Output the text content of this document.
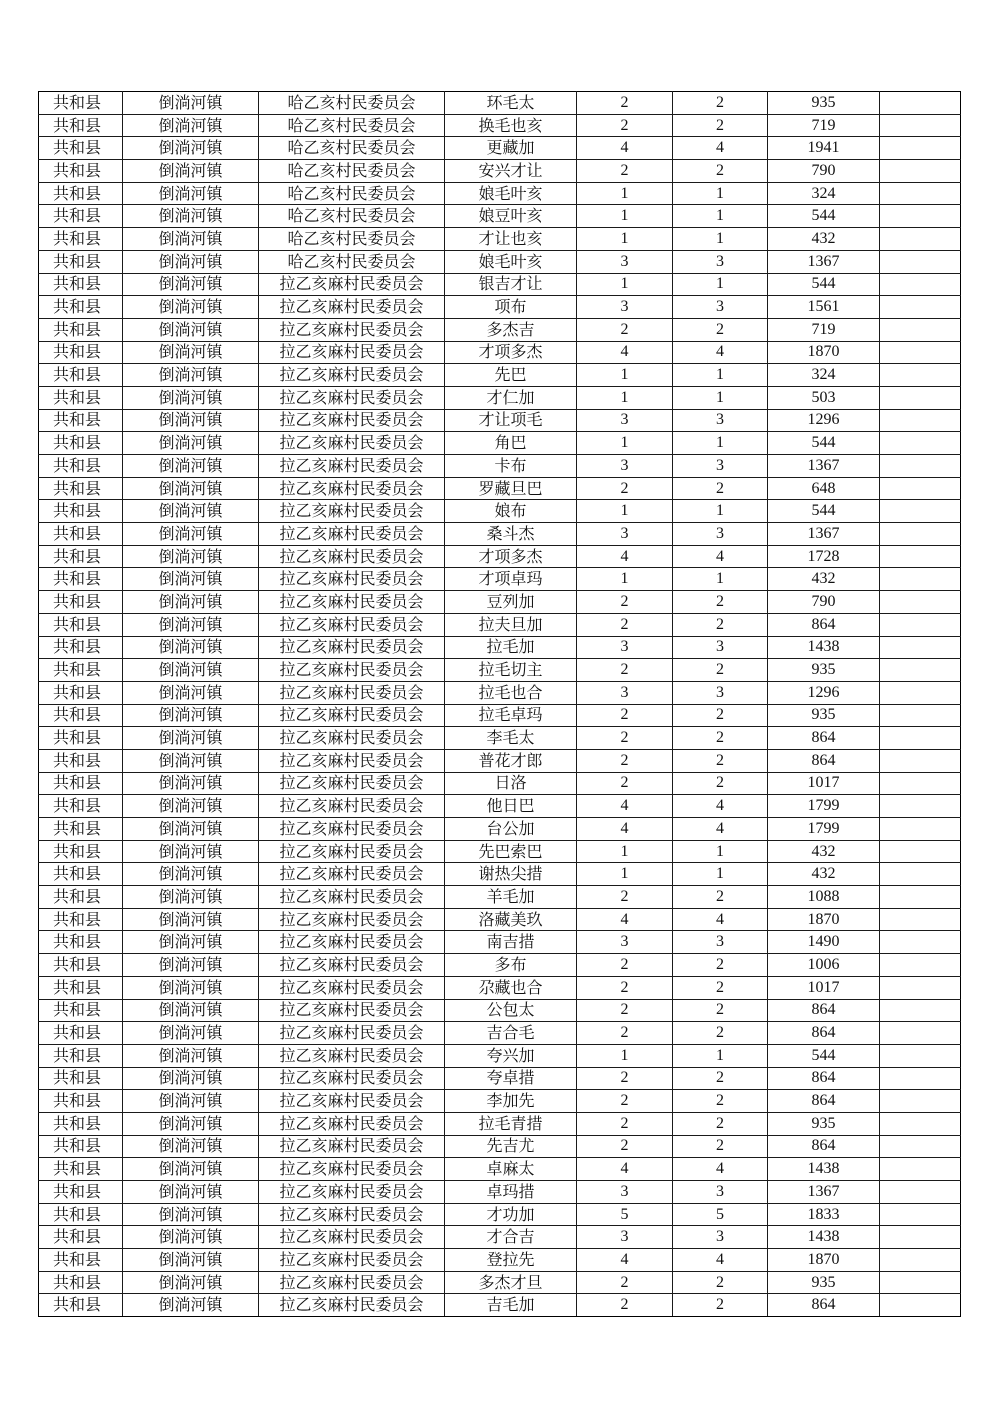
共和县	倒淌河镇	哈乙亥村民委员会	环毛太	2	2	935	
共和县	倒淌河镇	哈乙亥村民委员会	换毛也亥	2	2	719	
共和县	倒淌河镇	哈乙亥村民委员会	更藏加	4	4	1941	
共和县	倒淌河镇	哈乙亥村民委员会	安兴才让	2	2	790	
共和县	倒淌河镇	哈乙亥村民委员会	娘毛叶亥	1	1	324	
共和县	倒淌河镇	哈乙亥村民委员会	娘豆叶亥	1	1	544	
共和县	倒淌河镇	哈乙亥村民委员会	才让也亥	1	1	432	
共和县	倒淌河镇	哈乙亥村民委员会	娘毛叶亥	3	3	1367	
共和县	倒淌河镇	拉乙亥麻村民委员会	银吉才让	1	1	544	
共和县	倒淌河镇	拉乙亥麻村民委员会	项布	3	3	1561	
共和县	倒淌河镇	拉乙亥麻村民委员会	多杰吉	2	2	719	
共和县	倒淌河镇	拉乙亥麻村民委员会	才项多杰	4	4	1870	
共和县	倒淌河镇	拉乙亥麻村民委员会	先巴	1	1	324	
共和县	倒淌河镇	拉乙亥麻村民委员会	才仁加	1	1	503	
共和县	倒淌河镇	拉乙亥麻村民委员会	才让项毛	3	3	1296	
共和县	倒淌河镇	拉乙亥麻村民委员会	角巴	1	1	544	
共和县	倒淌河镇	拉乙亥麻村民委员会	卡布	3	3	1367	
共和县	倒淌河镇	拉乙亥麻村民委员会	罗藏旦巴	2	2	648	
共和县	倒淌河镇	拉乙亥麻村民委员会	娘布	1	1	544	
共和县	倒淌河镇	拉乙亥麻村民委员会	桑斗杰	3	3	1367	
共和县	倒淌河镇	拉乙亥麻村民委员会	才项多杰	4	4	1728	
共和县	倒淌河镇	拉乙亥麻村民委员会	才项卓玛	1	1	432	
共和县	倒淌河镇	拉乙亥麻村民委员会	豆列加	2	2	790	
共和县	倒淌河镇	拉乙亥麻村民委员会	拉夫旦加	2	2	864	
共和县	倒淌河镇	拉乙亥麻村民委员会	拉毛加	3	3	1438	
共和县	倒淌河镇	拉乙亥麻村民委员会	拉毛切主	2	2	935	
共和县	倒淌河镇	拉乙亥麻村民委员会	拉毛也合	3	3	1296	
共和县	倒淌河镇	拉乙亥麻村民委员会	拉毛卓玛	2	2	935	
共和县	倒淌河镇	拉乙亥麻村民委员会	李毛太	2	2	864	
共和县	倒淌河镇	拉乙亥麻村民委员会	普花才郎	2	2	864	
共和县	倒淌河镇	拉乙亥麻村民委员会	日洛	2	2	1017	
共和县	倒淌河镇	拉乙亥麻村民委员会	他日巴	4	4	1799	
共和县	倒淌河镇	拉乙亥麻村民委员会	台公加	4	4	1799	
共和县	倒淌河镇	拉乙亥麻村民委员会	先巴索巴	1	1	432	
共和县	倒淌河镇	拉乙亥麻村民委员会	谢热尖措	1	1	432	
共和县	倒淌河镇	拉乙亥麻村民委员会	羊毛加	2	2	1088	
共和县	倒淌河镇	拉乙亥麻村民委员会	洛藏美玖	4	4	1870	
共和县	倒淌河镇	拉乙亥麻村民委员会	南吉措	3	3	1490	
共和县	倒淌河镇	拉乙亥麻村民委员会	多布	2	2	1006	
共和县	倒淌河镇	拉乙亥麻村民委员会	尕藏也合	2	2	1017	
共和县	倒淌河镇	拉乙亥麻村民委员会	公包太	2	2	864	
共和县	倒淌河镇	拉乙亥麻村民委员会	吉合毛	2	2	864	
共和县	倒淌河镇	拉乙亥麻村民委员会	夸兴加	1	1	544	
共和县	倒淌河镇	拉乙亥麻村民委员会	夸卓措	2	2	864	
共和县	倒淌河镇	拉乙亥麻村民委员会	李加先	2	2	864	
共和县	倒淌河镇	拉乙亥麻村民委员会	拉毛青措	2	2	935	
共和县	倒淌河镇	拉乙亥麻村民委员会	先吉尤	2	2	864	
共和县	倒淌河镇	拉乙亥麻村民委员会	卓麻太	4	4	1438	
共和县	倒淌河镇	拉乙亥麻村民委员会	卓玛措	3	3	1367	
共和县	倒淌河镇	拉乙亥麻村民委员会	才功加	5	5	1833	
共和县	倒淌河镇	拉乙亥麻村民委员会	才合吉	3	3	1438	
共和县	倒淌河镇	拉乙亥麻村民委员会	登拉先	4	4	1870	
共和县	倒淌河镇	拉乙亥麻村民委员会	多杰才旦	2	2	935	
共和县	倒淌河镇	拉乙亥麻村民委员会	吉毛加	2	2	864	
